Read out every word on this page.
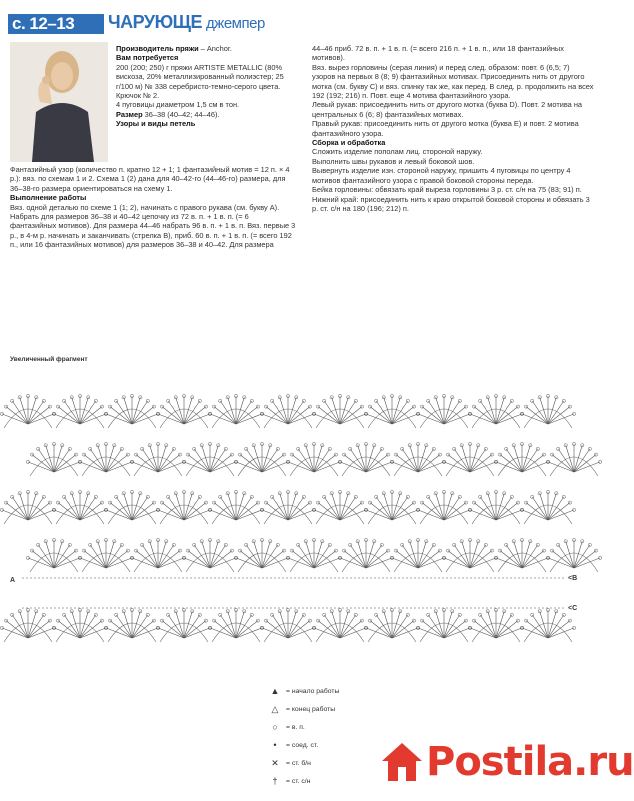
с. 12–13	ЧАРУЮЩЕ джемпер

Производитель пряжи – Anchor.

Вам потребуется

200 (200; 250) г пряжи ARTISTE METALLIC (80% вискоза, 20% металлизированный полиэстер; 25 г/100 м) № 338 серебристо-темно-серого цвета. Крючок № 2.

4 пуговицы диаметром 1,5 см в тон.

Размер 36–38 (40–42; 44–46).

Узоры и виды петель

Фантазийный узор (количество п. кратно 12 + 1; 1 фантазийный мотив = 12 п. × 4 р.): вяз. по схемам 1 и 2. Схема 1 (2) дана для 40–42-го (44–46-го) размера, для 36–38-го размера ориентироваться на схему 1.

Выполнение работы

Вяз. одной деталью по схеме 1 (1; 2), начинать с правого рукава (см. букву А).

Набрать для размеров 36–38 и 40–42 цепочку из 72 в. п. + 1 в. п. (= 6 фантазийных мотивов). Для размера 44–46 набрать 96 в. п. + 1 в. п. Вяз. первые 3 р., в 4-м р. начинать и заканчивать (стрелка В), приб. 60 в. п. + 1 в. п. (= всего 192 п., или 16 фантазийных мотивов) для размеров 36–38 и 40–42. Для размера

44–46 приб. 72 в. п. + 1 в. п. (= всего 216 п. + 1 в. п., или 18 фантазийных мотивов).

Вяз. вырез горловины (серая линия) и перед след. образом: повт. 6 (6,5; 7) узоров на первых 8 (8; 9) фантазийных мотивах. Присоединить нить от другого мотка (см. букву С) и вяз. спинку так же, как перед. В след. р. продолжить на всех 192 (192; 216) п. Повт. еще 4 мотива фантазийного узора.

Левый рукав: присоединить нить от другого мотка (буква D). Повт. 2 мотива на центральных 6 (6; 8) фантазийных мотивах.

Правый рукав: присоединить нить от другого мотка (буква Е) и повт. 2 мотива фантазийного узора.

Сборка и обработка

Сложить изделие пополам лиц. стороной наружу.

Выполнить швы рукавов и левый боковой шов.

Вывернуть изделие изн. стороной наружу, пришить 4 пуговицы по центру 4 мотивов фантазийного узора с правой боковой стороны переда.

Бейка горловины: обвязать край выреза горловины 3 р. ст. с/н на 75 (83; 91) п.

Нижний край: присоединить нить к краю открытой боковой стороны и обвязать 3 р. ст. с/н на 180 (196; 212) п.

Увеличенный фрагмент
A	<B
<C
▲ = начало работы
△	= конец работы
○	= в. п.
•	= соед. ст.
✕	= ст. б/н
†	= ст. с/н	Postila.ru
